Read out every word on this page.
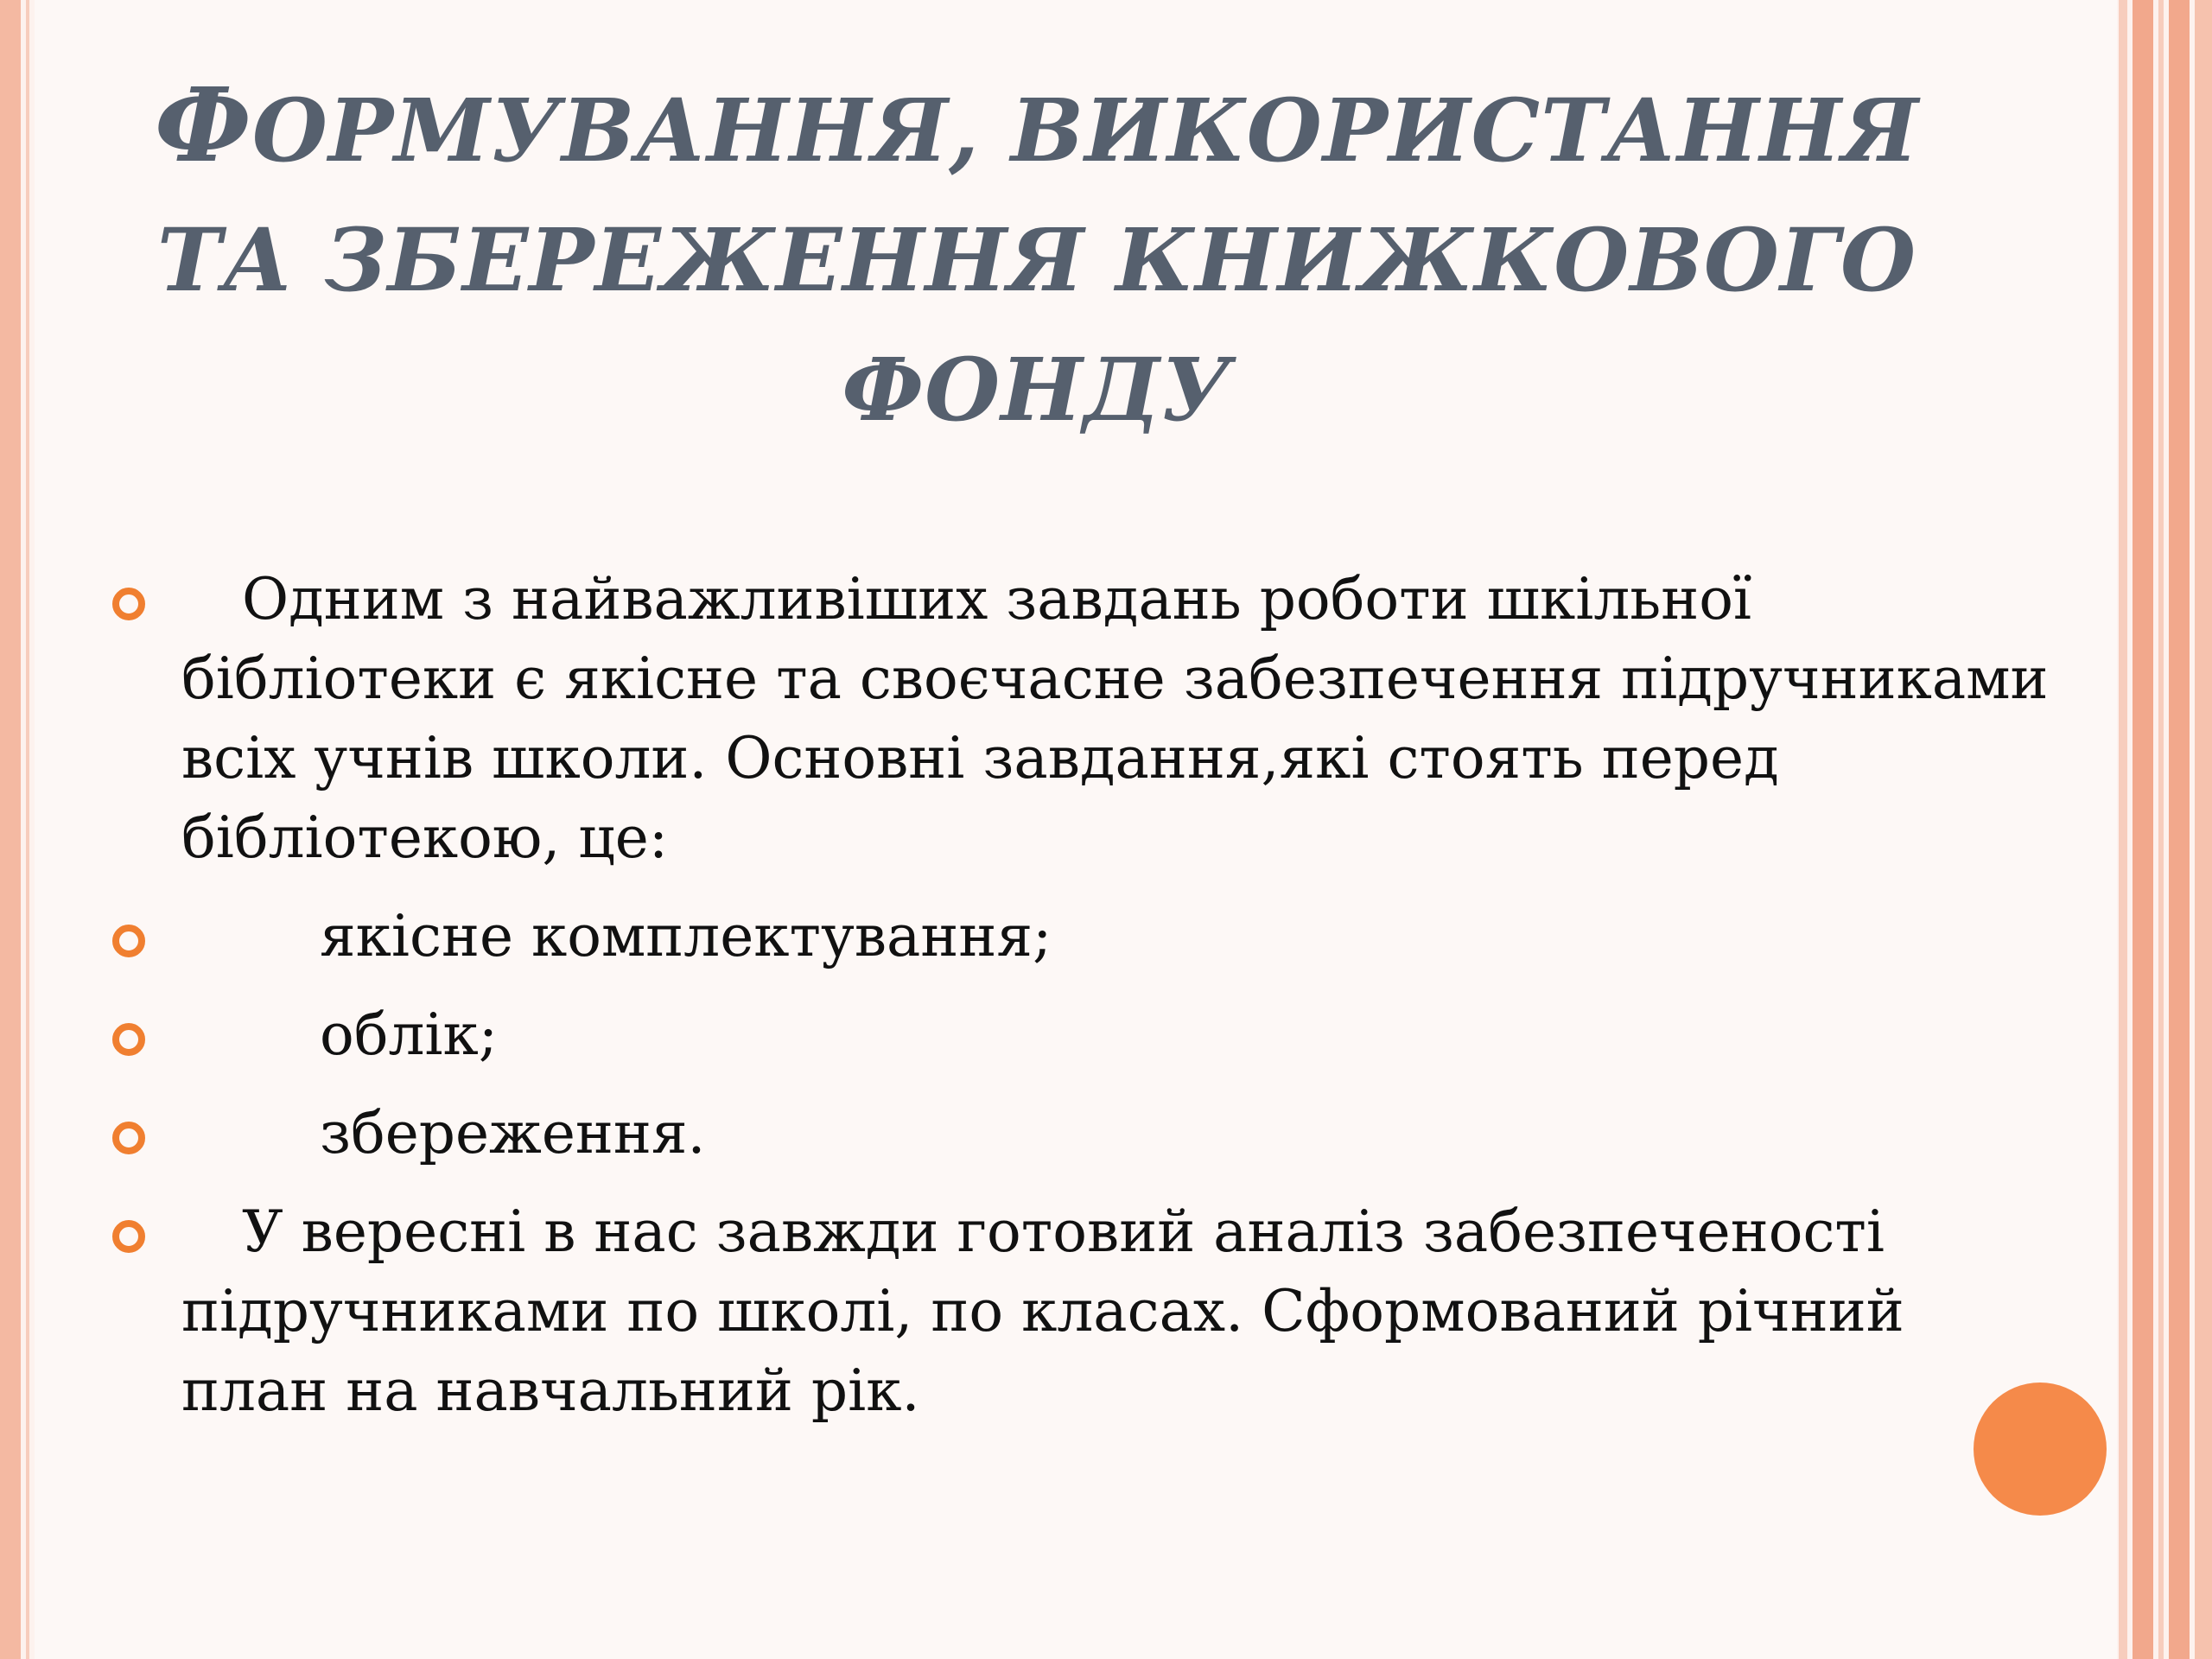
ФОРМУВАННЯ, ВИКОРИСТАННЯ
ТА ЗБЕРЕЖЕННЯ КНИЖКОВОГО
ФОНДУ
Одним з найважливіших завдань роботи шкільної бібліотеки є якісне та своєчасне забезпечення підручниками всіх учнів школи. Основні завдання,які стоять перед бібліотекою, це:
якісне комплектування;
облік;
збереження.
У вересні в нас завжди готовий аналіз забезпеченості підручниками по школі, по класах. Сформований річний план на навчальний рік.
